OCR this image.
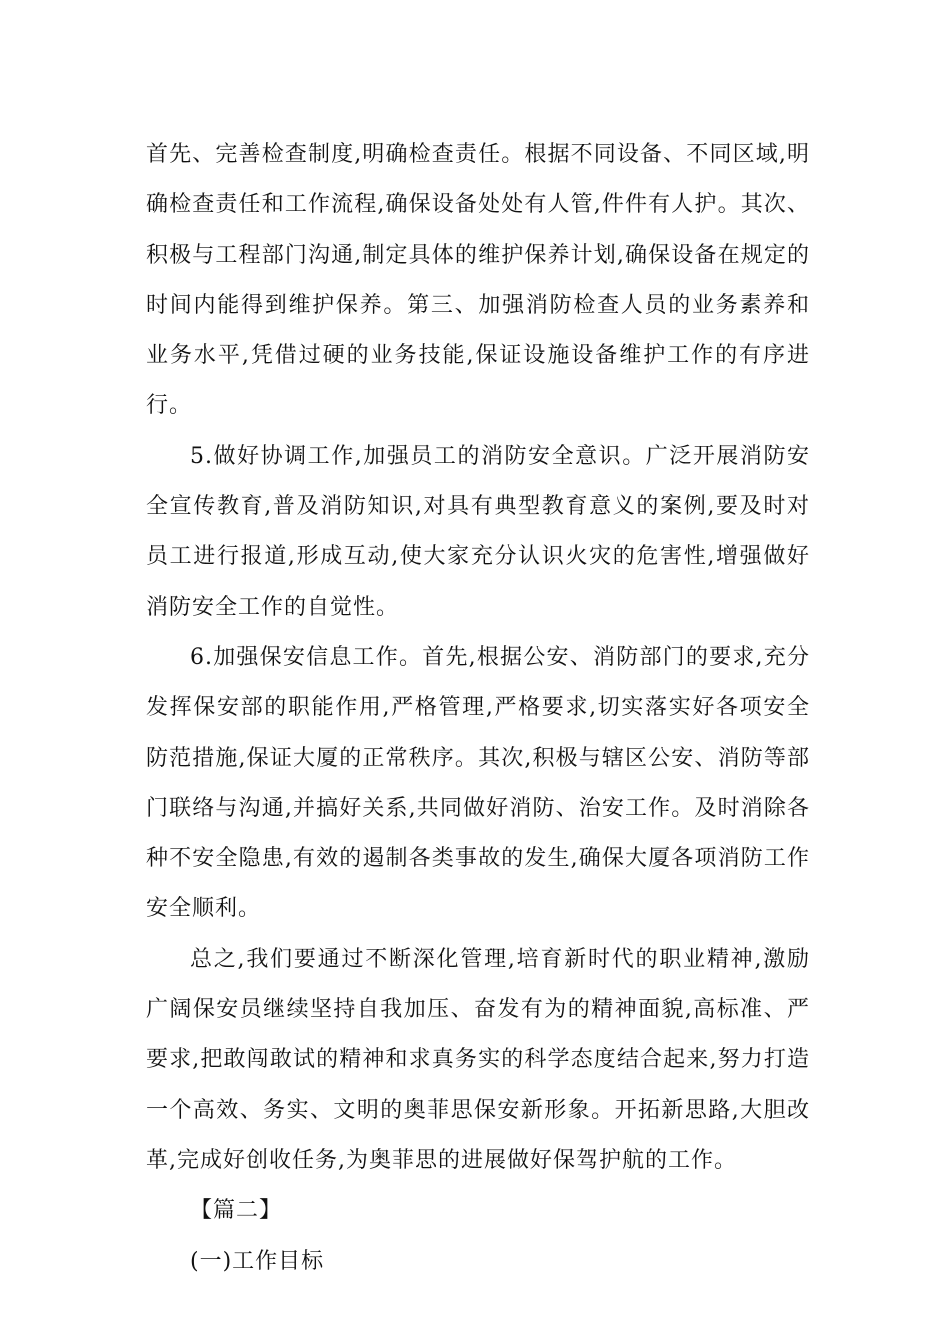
首先、完善检查制度,明确检查责任。根据不同设备、不同区域,明确检查责任和工作流程,确保设备处处有人管,件件有人护。其次、积极与工程部门沟通,制定具体的维护保养计划,确保设备在规定的时间内能得到维护保养。第三、加强消防检查人员的业务素养和业务水平,凭借过硬的业务技能,保证设施设备维护工作的有序进行。

5.做好协调工作,加强员工的消防安全意识。广泛开展消防安全宣传教育,普及消防知识,对具有典型教育意义的案例,要及时对员工进行报道,形成互动,使大家充分认识火灾的危害性,增强做好消防安全工作的自觉性。

6.加强保安信息工作。首先,根据公安、消防部门的要求,充分发挥保安部的职能作用,严格管理,严格要求,切实落实好各项安全防范措施,保证大厦的正常秩序。其次,积极与辖区公安、消防等部门联络与沟通,并搞好关系,共同做好消防、治安工作。及时消除各种不安全隐患,有效的遏制各类事故的发生,确保大厦各项消防工作安全顺利。

总之,我们要通过不断深化管理,培育新时代的职业精神,激励广阔保安员继续坚持自我加压、奋发有为的精神面貌,高标准、严要求,把敢闯敢试的精神和求真务实的科学态度结合起来,努力打造一个高效、务实、文明的奥菲思保安新形象。开拓新思路,大胆改革,完成好创收任务,为奥菲思的进展做好保驾护航的工作。

【篇二】

(一)工作目标
